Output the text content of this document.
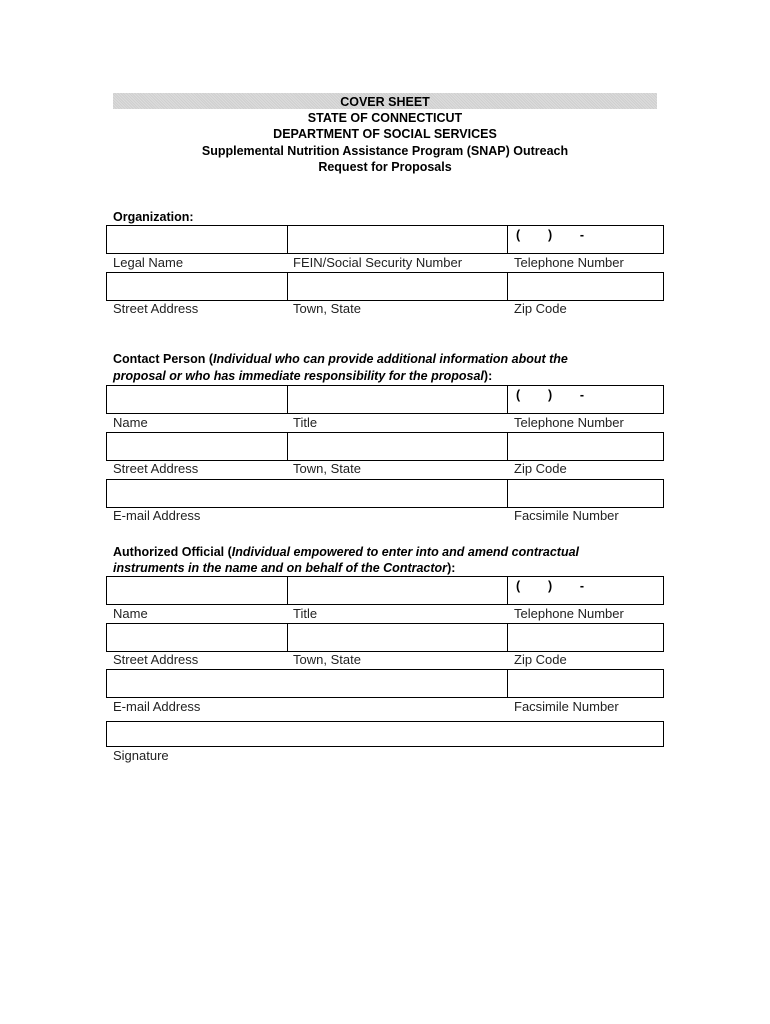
COVER SHEET
STATE OF CONNECTICUT
DEPARTMENT OF SOCIAL SERVICES
Supplemental Nutrition Assistance Program (SNAP) Outreach
Request for Proposals
Organization:
(        )        -
Legal Name	FEIN/Social Security Number	Telephone Number
Street Address	Town, State	Zip Code
Contact Person (Individual who can provide additional information about the
proposal or who has immediate responsibility for the proposal):
(        )        -
Name	Title	Telephone Number
Street Address	Town, State	Zip Code
E-mail Address	Facsimile Number
Authorized Official (Individual empowered to enter into and amend contractual
instruments in the name and on behalf of the Contractor):
(        )        -
Name	Title	Telephone Number
Street Address	Town, State	Zip Code
E-mail Address	Facsimile Number
Signature
